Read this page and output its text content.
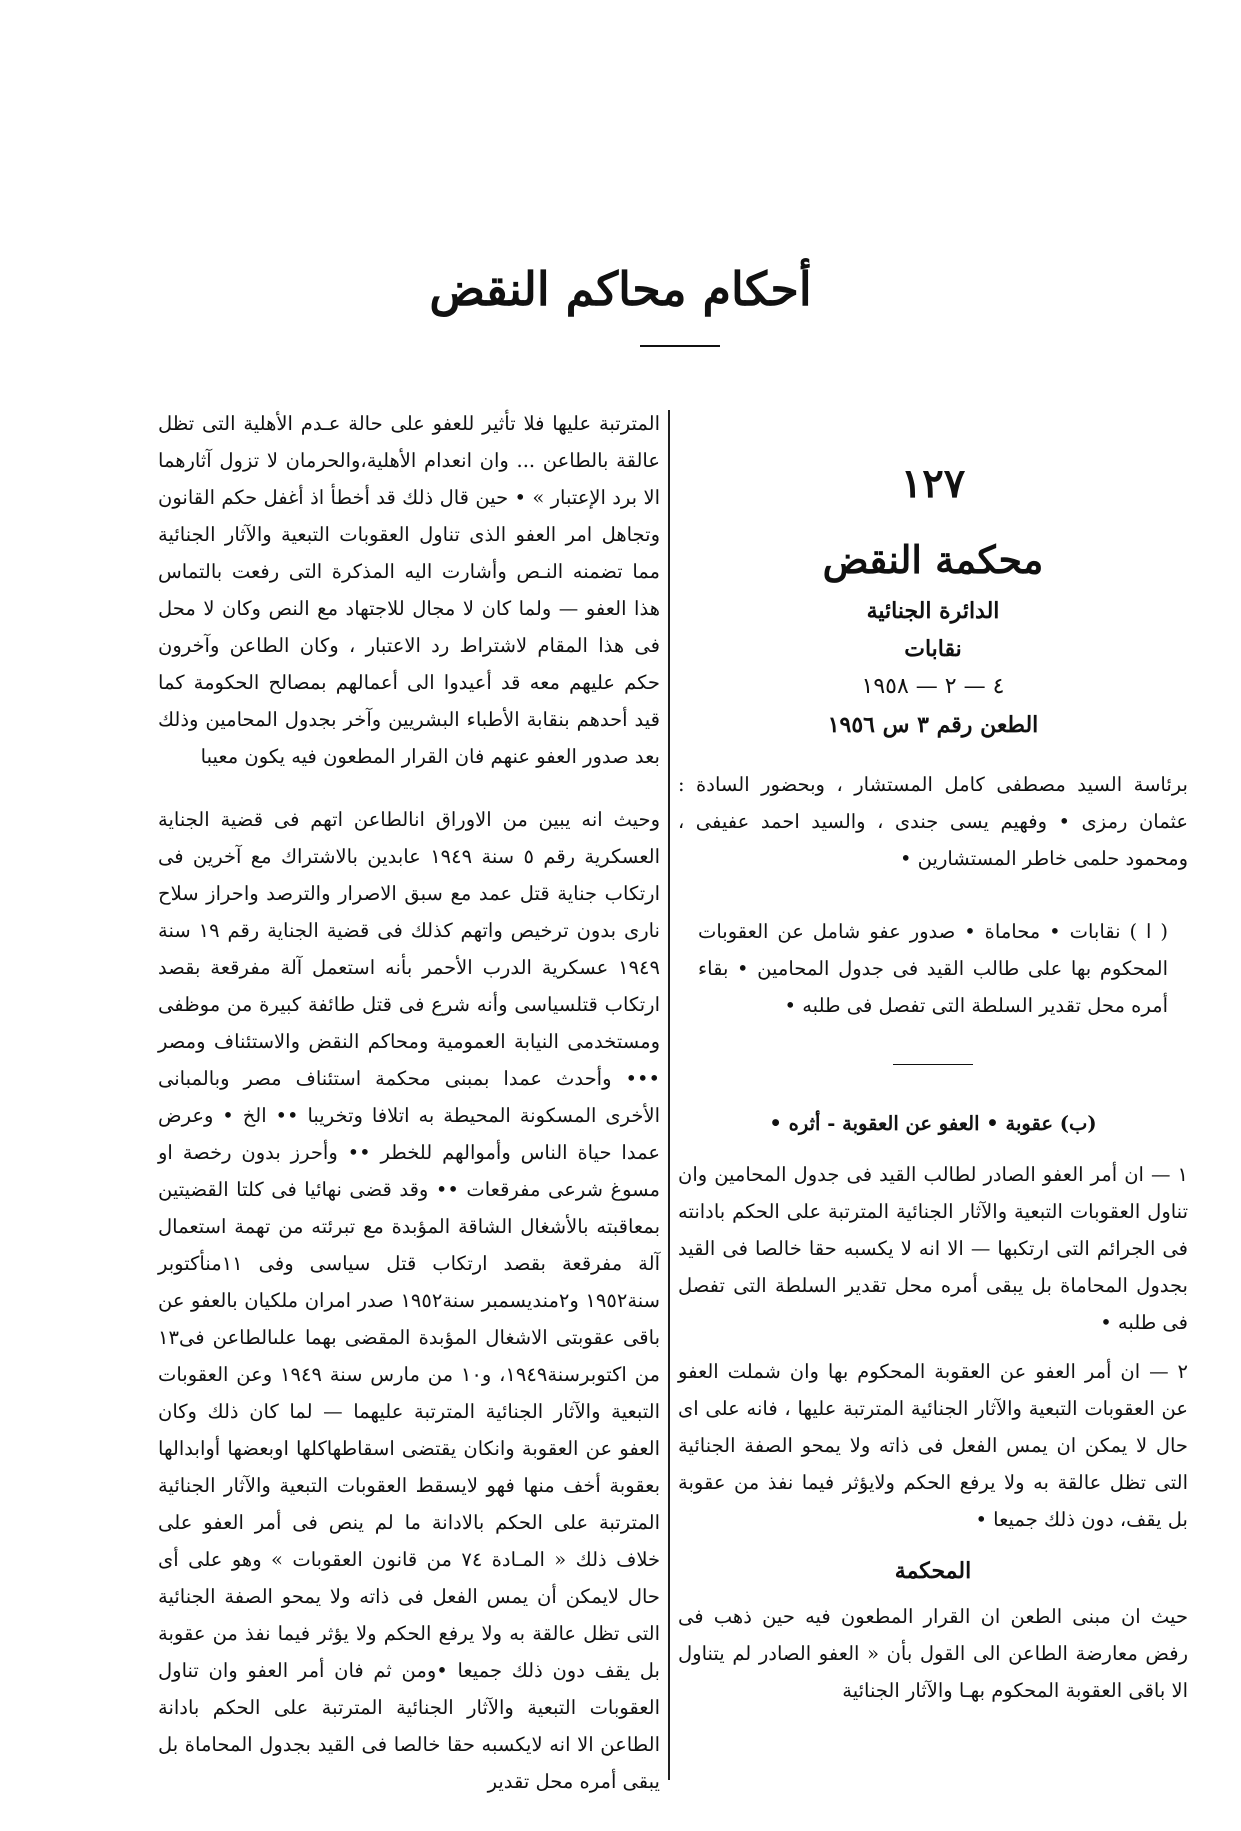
أحكام محاكم النقض
١٢٧
محكمة النقض
الدائرة الجنائية
نقابات
٤ — ٢ — ١٩٥٨
الطعن رقم ٣ س ١٩٥٦

برئاسة السيد مصطفى كامل المستشار ، وبحضور السادة : عثمان رمزى • وفهيم يسى جندى ، والسيد احمد عفيفى ، ومحمود حلمى خاطر المستشارين •

( ا ) نقابات • محاماة • صدور عفو شامل عن العقوبات المحكوم بها على طالب القيد فى جدول المحامين • بقاء أمره محل تقدير السلطة التى تفصل فى طلبه •

(ب) عقوبة • العفو عن العقوبة - أثره •

١ — ان أمر العفو الصادر لطالب القيد فى جدول المحامين وان تناول العقوبات التبعية والآثار الجنائية المترتبة على الحكم بادانته فى الجرائم التى ارتكبها — الا انه لا يكسبه حقا خالصا فى القيد بجدول المحاماة بل يبقى أمره محل تقدير السلطة التى تفصل فى طلبه •

٢ — ان أمر العفو عن العقوبة المحكوم بها وان شملت العفو عن العقوبات التبعية والآثار الجنائية المترتبة عليها ، فانه على اى حال لا يمكن ان يمس الفعل فى ذاته ولا يمحو الصفة الجنائية التى تظل عالقة به ولا يرفع الحكم ولايؤثر فيما نفذ من عقوبة بل يقف، دون ذلك جميعا •

المحكمة

حيث ان مبنى الطعن ان القرار المطعون فيه حين ذهب فى رفض معارضة الطاعن الى القول بأن « العفو الصادر لم يتناول الا باقى العقوبة المحكوم بهـا والآثار الجنائية

المترتبة عليها فلا تأثير للعفو على حالة عـدم الأهلية التى تظل عالقة بالطاعن ... وان انعدام الأهلية،والحرمان لا تزول آثارهما الا برد الإعتبار » • حين قال ذلك قد أخطأ اذ أغفل حكم القانون وتجاهل امر العفو الذى تناول العقوبات التبعية والآثار الجنائية مما تضمنه النـص وأشارت اليه المذكرة التى رفعت بالتماس هذا العفو — ولما كان لا مجال للاجتهاد مع النص وكان لا محل فى هذا المقام لاشتراط رد الاعتبار ، وكان الطاعن وآخرون حكم عليهم معه قد أعيدوا الى أعمالهم بمصالح الحكومة كما قيد أحدهم بنقابة الأطباء البشريين وآخر بجدول المحامين وذلك بعد صدور العفو عنهم فان القرار المطعون فيه يكون معيبا

وحيث انه يبين من الاوراق انالطاعن اتهم فى قضية الجناية العسكرية رقم ٥ سنة ١٩٤٩ عابدين بالاشتراك مع آخرين فى ارتكاب جناية قتل عمد مع سبق الاصرار والترصد واحراز سلاح نارى بدون ترخيص واتهم كذلك فى قضية الجناية رقم ١٩ سنة ١٩٤٩ عسكرية الدرب الأحمر بأنه استعمل آلة مفرقعة بقصد ارتكاب قتلسياسى وأنه شرع فى قتل طائفة كبيرة من موظفى ومستخدمى النيابة العمومية ومحاكم النقض والاستئناف ومصر ••• وأحدث عمدا بمبنى محكمة استئناف مصر وبالمبانى الأخرى المسكونة المحيطة به اتلافا وتخريبا •• الخ • وعرض عمدا حياة الناس وأموالهم للخطر •• وأحرز بدون رخصة او مسوغ شرعى مفرقعات •• وقد قضى نهائيا فى كلتا القضيتين بمعاقبته بالأشغال الشاقة المؤبدة مع تبرئته من تهمة استعمال آلة مفرقعة بقصد ارتكاب قتل سياسى وفى ١١منأكتوبر سنة١٩٥٢ و٢منديسمبر سنة١٩٥٢ صدر امران ملكيان بالعفو عن باقى عقوبتى الاشغال المؤبدة المقضى بهما علىالطاعن فى١٣ من اكتوبرسنة١٩٤٩، و١٠ من مارس سنة ١٩٤٩ وعن العقوبات التبعية والآثار الجنائية المترتبة عليهما — لما كان ذلك وكان العفو عن العقوبة وانكان يقتضى اسقاطهاكلها اوبعضها أوابدالها بعقوبة أخف منها فهو لايسقط العقوبات التبعية والآثار الجنائية المترتبة على الحكم بالادانة ما لم ينص فى أمر العفو على خلاف ذلك « المـادة ٧٤ من قانون العقوبات » وهو على أى حال لايمكن أن يمس الفعل فى ذاته ولا يمحو الصفة الجنائية التى تظل عالقة به ولا يرفع الحكم ولا يؤثر فيما نفذ من عقوبة بل يقف دون ذلك جميعا •ومن ثم فان أمر العفو وان تناول العقوبات التبعية والآثار الجنائية المترتبة على الحكم بادانة الطاعن الا انه لايكسبه حقا خالصا فى القيد بجدول المحاماة بل يبقى أمره محل تقدير
